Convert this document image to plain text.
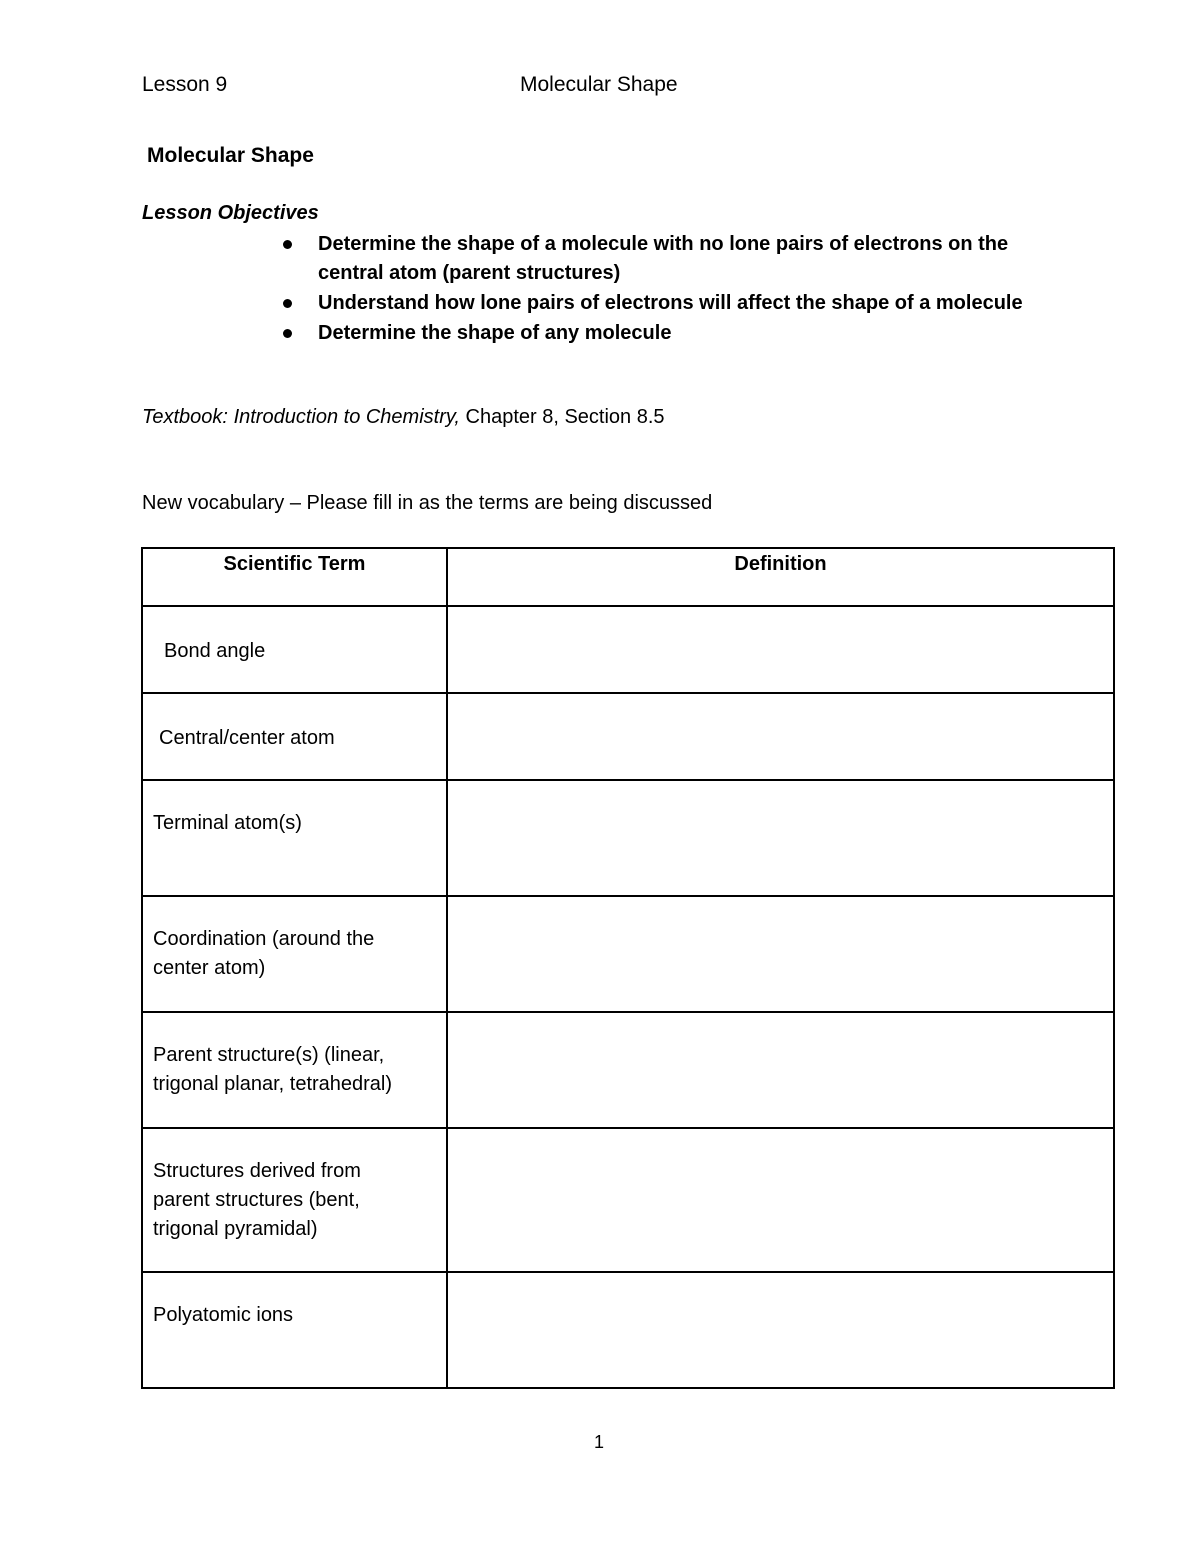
Lesson 9	Molecular Shape
Molecular Shape
Lesson Objectives
Determine the shape of a molecule with no lone pairs of electrons on the central atom (parent structures)
Understand how lone pairs of electrons will affect the shape of a molecule
Determine the shape of any molecule
Textbook: Introduction to Chemistry, Chapter 8, Section 8.5
New vocabulary – Please fill in as the terms are being discussed
Scientific Term	Definition

Bond angle	

Central/center atom	

Terminal atom(s)	

Coordination (around the center atom)	

Parent structure(s) (linear, trigonal planar, tetrahedral)	

Structures derived from parent structures (bent, trigonal pyramidal)	

Polyatomic ions	

1
